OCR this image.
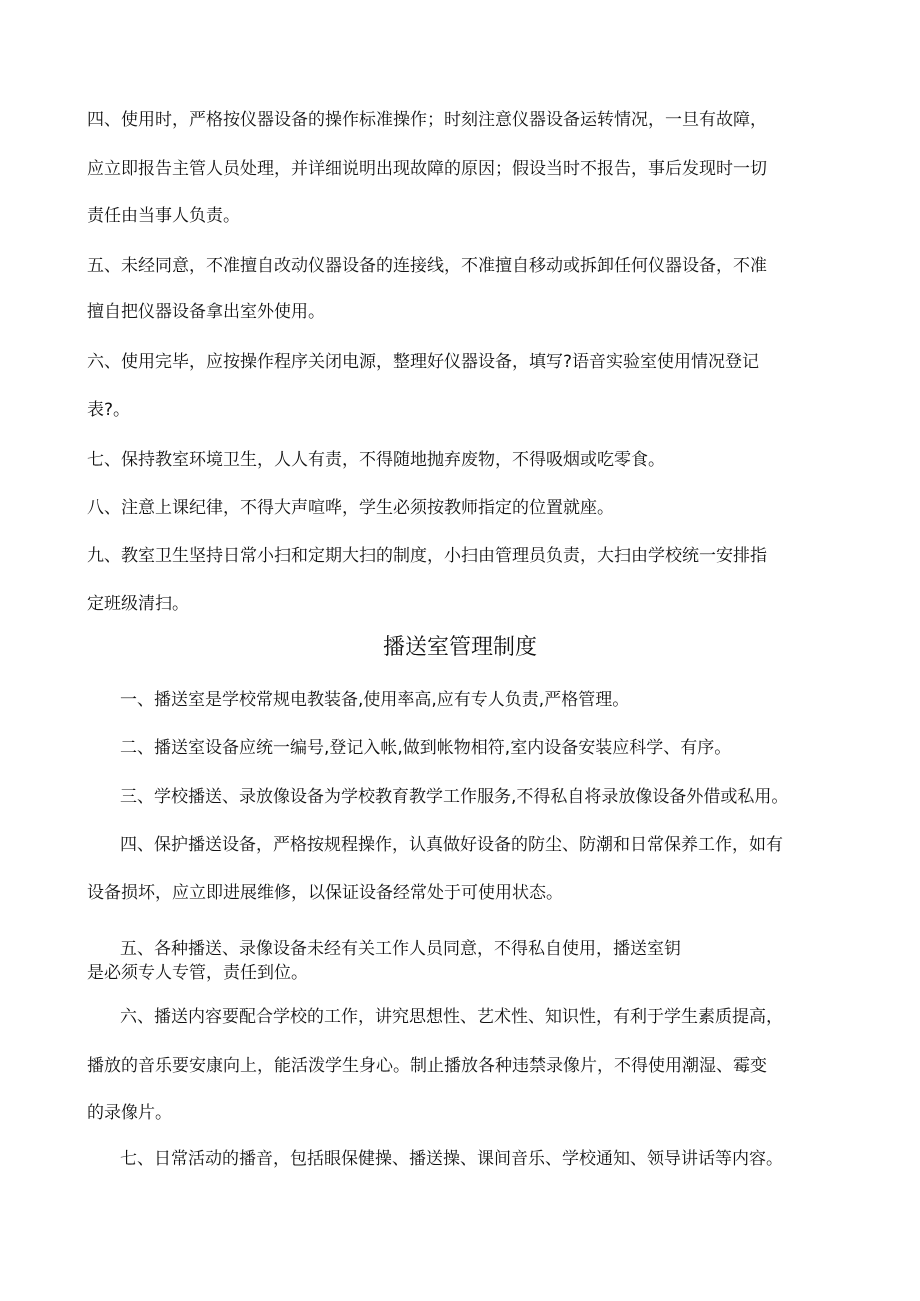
四、使用时，严格按仪器设备的操作标准操作；时刻注意仪器设备运转情况，一旦有故障，
应立即报告主管人员处理，并详细说明出现故障的原因；假设当时不报告，事后发现时一切
责任由当事人负责。
五、未经同意，不准擅自改动仪器设备的连接线，不准擅自移动或拆卸任何仪器设备，不准
擅自把仪器设备拿出室外使用。
六、使用完毕，应按操作程序关闭电源，整理好仪器设备，填写?语音实验室使用情况登记
表?。
七、保持教室环境卫生，人人有责，不得随地抛弃废物，不得吸烟或吃零食。
八、注意上课纪律，不得大声喧哗，学生必须按教师指定的位置就座。
九、教室卫生坚持日常小扫和定期大扫的制度，小扫由管理员负责，大扫由学校统一安排指
定班级清扫。
播送室管理制度
一、播送室是学校常规电教装备,使用率高,应有专人负责,严格管理。
二、播送室设备应统一编号,登记入帐,做到帐物相符,室内设备安装应科学、有序。
三、学校播送、录放像设备为学校教育教学工作服务,不得私自将录放像设备外借或私用。
四、保护播送设备，严格按规程操作，认真做好设备的防尘、防潮和日常保养工作，如有
设备损坏，应立即进展维修，以保证设备经常处于可使用状态。
五、各种播送、录像设备未经有关工作人员同意，不得私自使用，播送室钥
是必须专人专管，责任到位。
六、播送内容要配合学校的工作，讲究思想性、艺术性、知识性，有利于学生素质提高，
播放的音乐要安康向上，能活泼学生身心。制止播放各种违禁录像片，不得使用潮湿、霉变
的录像片。
七、日常活动的播音，包括眼保健操、播送操、课间音乐、学校通知、领导讲话等内容。
